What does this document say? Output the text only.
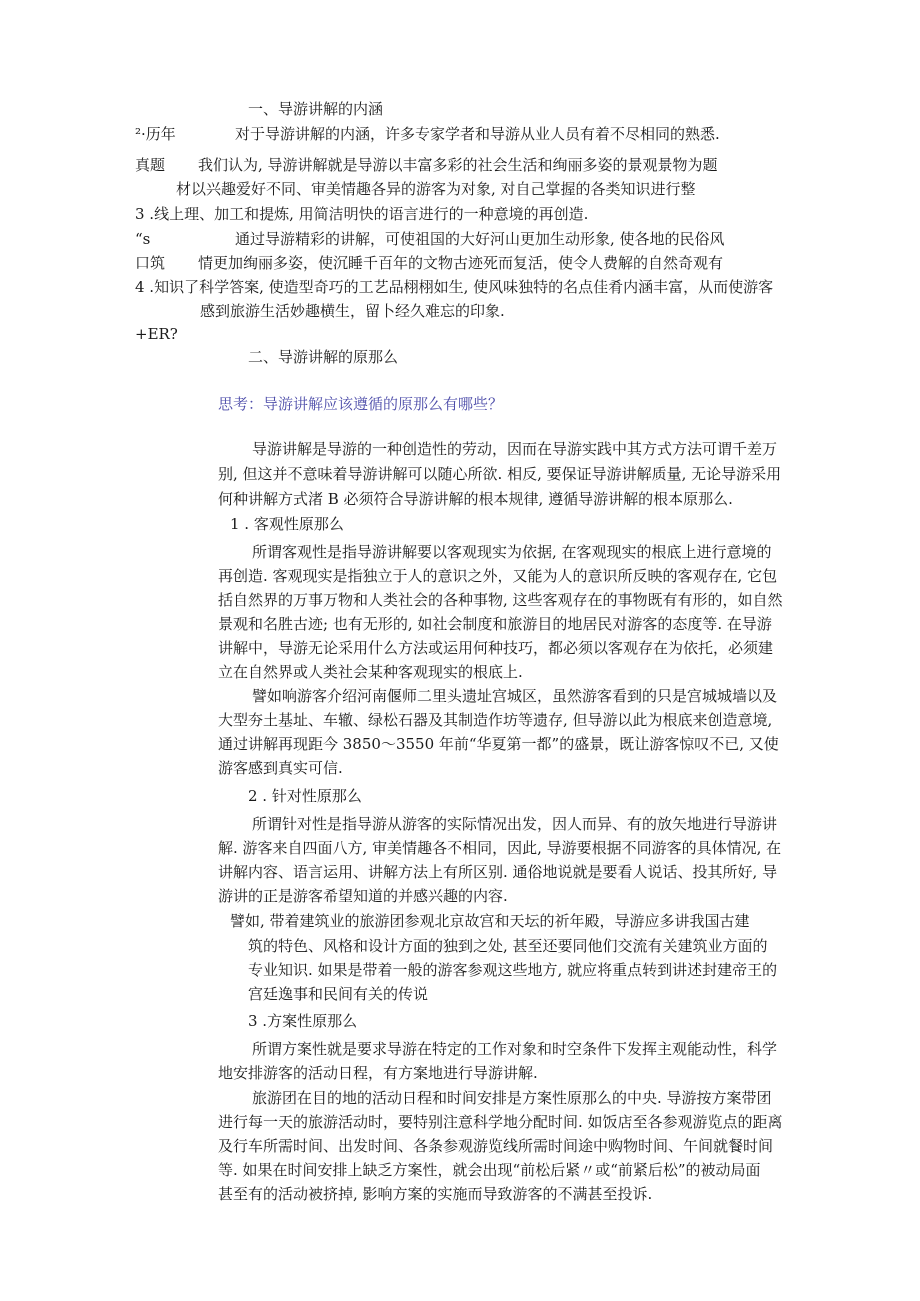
一、导游讲解的内涵
²·历年	对于导游讲解的内涵，许多专家学者和导游从业人员有着不尽相同的熟悉.
真题 我们认为, 导游讲解就是导游以丰富多彩的社会生活和绚丽多姿的景观景物为题
材以兴趣爱好不同、审美情趣各异的游客为对象, 对自己掌握的各类知识进行整
3 .线上理、加工和提炼, 用简洁明快的语言进行的一种意境的再创造.
“s	通过导游精彩的讲解，可使祖国的大好河山更加生动形象, 使各地的民俗风
口筑 情更加绚丽多姿，使沉睡千百年的文物古迹死而复活，使令人费解的自然奇观有
4 .知识了科学答案, 使造型奇巧的工艺品栩栩如生, 使风味独特的名点佳肴内涵丰富，从而使游客
感到旅游生活妙趣横生，留卜经久难忘的印象.
+ER?
二、导游讲解的原那么
思考：导游讲解应该遵循的原那么有哪些？
导游讲解是导游的一种创造性的劳动，因而在导游实践中其方式方法可谓千差万
别, 但这并不意味着导游讲解可以随心所欲. 相反, 要保证导游讲解质量, 无论导游采用
何种讲解方式渚 B 必须符合导游讲解的根本规律, 遵循导游讲解的根本原那么.
1 . 客观性原那么
所谓客观性是指导游讲解要以客观现实为依据, 在客观现实的根底上进行意境的
再创造. 客观现实是指独立于人的意识之外，又能为人的意识所反映的客观存在, 它包
括自然界的万事万物和人类社会的各种事物, 这些客观存在的事物既有有形的，如自然
景观和名胜古迹; 也有无形的, 如社会制度和旅游目的地居民对游客的态度等. 在导游
讲解中，导游无论采用什么方法或运用何种技巧，都必须以客观存在为依托，必须建
立在自然界或人类社会某种客观现实的根底上.
譬如响游客介绍河南偃师二里头遗址宫城区，虽然游客看到的只是宫城城墙以及
大型夯土基址、车辙、绿松石器及其制造作坊等遗存, 但导游以此为根底来创造意境,
通过讲解再现距今 3850～3550 年前“华夏第一都”的盛景，既让游客惊叹不已, 又使
游客感到真实可信.
2 . 针对性原那么
所谓针对性是指导游从游客的实际情况出发，因人而异、有的放矢地进行导游讲
解. 游客来自四面八方, 审美情趣各不相同，因此, 导游要根据不同游客的具体情况, 在
讲解内容、语言运用、讲解方法上有所区别. 通俗地说就是要看人说话、投其所好, 导
游讲的正是游客希望知道的并感兴趣的内容.
譬如, 带着建筑业的旅游团参观北京故宫和天坛的祈年殿，导游应多讲我国古建
筑的特色、风格和设计方面的独到之处, 甚至还要同他们交流有关建筑业方面的
专业知识. 如果是带着一般的游客参观这些地方, 就应将重点转到讲述封建帝王的
宫廷逸事和民间有关的传说
3 .方案性原那么
所谓方案性就是要求导游在特定的工作对象和时空条件下发挥主观能动性，科学
地安排游客的活动日程，有方案地进行导游讲解.
旅游团在目的地的活动日程和时间安排是方案性原那么的中央. 导游按方案带团
进行每一天的旅游活动时，要特别注意科学地分配时间. 如饭店至各参观游览点的距离
及行车所需时间、出发时间、各条参观游览线所需时间途中购物时间、午间就餐时间
等. 如果在时间安排上缺乏方案性，就会出现“前松后紧〃或“前紧后松”的被动局面
甚至有的活动被挤掉, 影响方案的实施而导致游客的不满甚至投诉.
